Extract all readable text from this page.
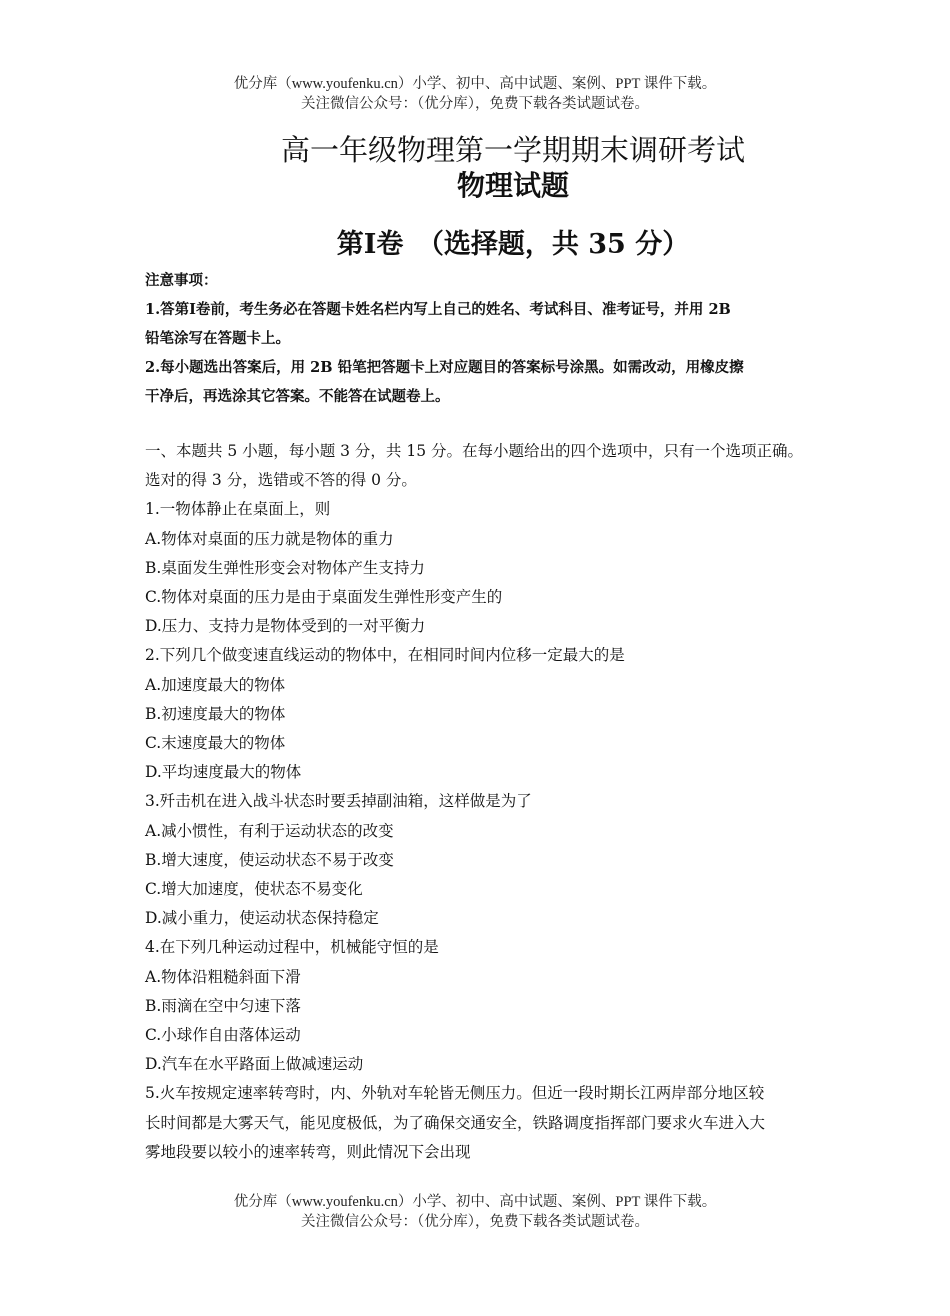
优分库（www.youfenku.cn）小学、初中、高中试题、案例、PPT 课件下载。
关注微信公众号：（优分库），免费下载各类试题试卷。
高一年级物理第一学期期末调研考试
物理试题
第Ⅰ卷　（选择题，共 35 分）
注意事项：
1.答第Ⅰ卷前，考生务必在答题卡姓名栏内写上自己的姓名、考试科目、准考证号，并用 2B
铅笔涂写在答题卡上。
2.每小题选出答案后，用 2B 铅笔把答题卡上对应题目的答案标号涂黑。如需改动，用橡皮擦
干净后，再选涂其它答案。不能答在试题卷上。
一、本题共 5 小题，每小题 3 分，共 15 分。在每小题给出的四个选项中，只有一个选项正确。
选对的得 3 分，选错或不答的得 0 分。
1.一物体静止在桌面上，则
A.物体对桌面的压力就是物体的重力
B.桌面发生弹性形变会对物体产生支持力
C.物体对桌面的压力是由于桌面发生弹性形变产生的
D.压力、支持力是物体受到的一对平衡力
2.下列几个做变速直线运动的物体中，在相同时间内位移一定最大的是
A.加速度最大的物体
B.初速度最大的物体
C.末速度最大的物体
D.平均速度最大的物体
3.歼击机在进入战斗状态时要丢掉副油箱，这样做是为了
A.减小惯性，有利于运动状态的改变
B.增大速度，使运动状态不易于改变
C.增大加速度，使状态不易变化
D.减小重力，使运动状态保持稳定
4.在下列几种运动过程中，机械能守恒的是
A.物体沿粗糙斜面下滑
B.雨滴在空中匀速下落
C.小球作自由落体运动
D.汽车在水平路面上做减速运动
5.火车按规定速率转弯时，内、外轨对车轮皆无侧压力。但近一段时期长江两岸部分地区较
长时间都是大雾天气，能见度极低，为了确保交通安全，铁路调度指挥部门要求火车进入大
雾地段要以较小的速率转弯，则此情况下会出现
优分库（www.youfenku.cn）小学、初中、高中试题、案例、PPT 课件下载。
关注微信公众号：（优分库），免费下载各类试题试卷。
